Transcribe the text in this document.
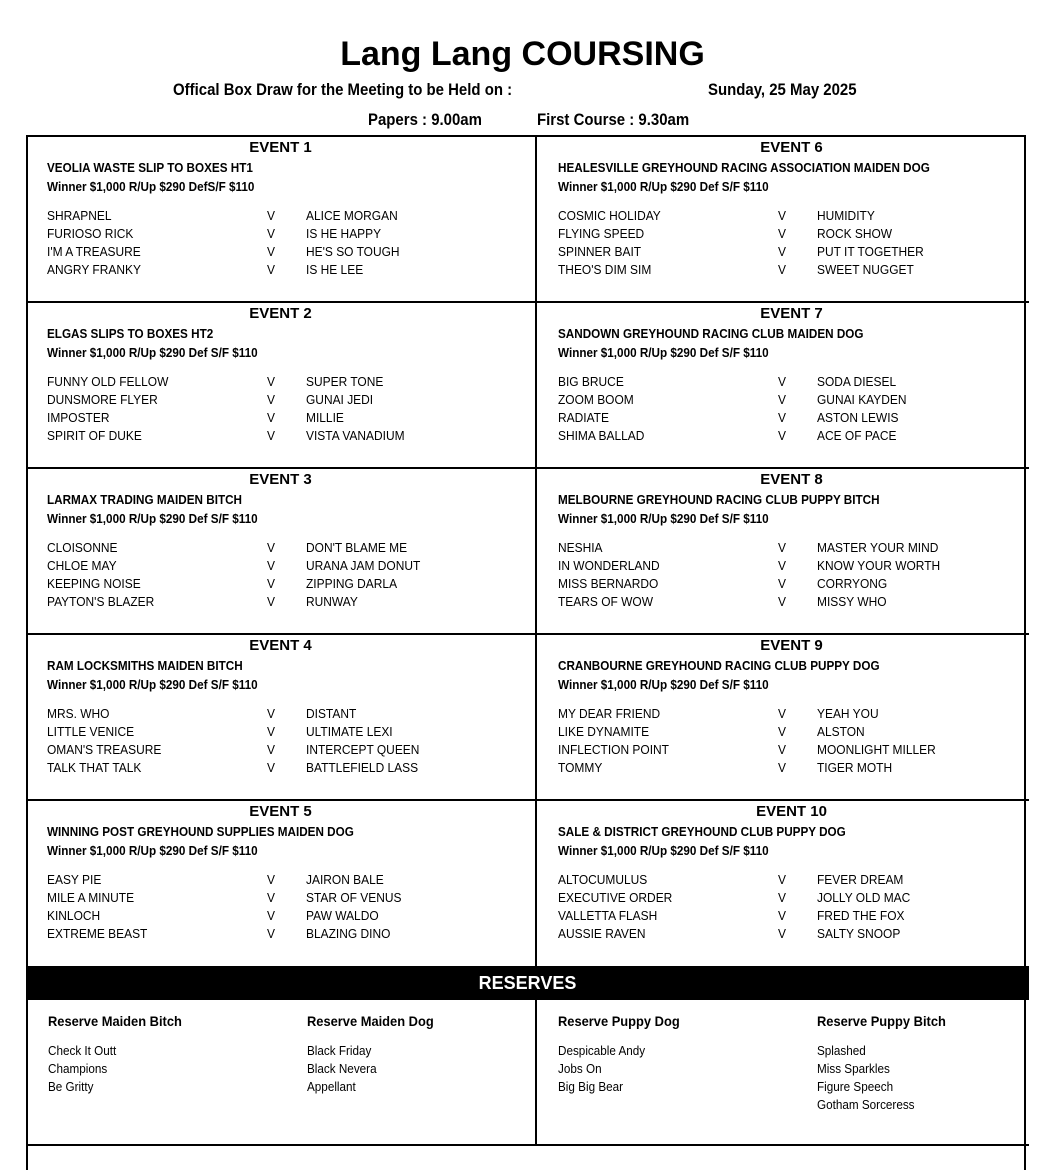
Lang Lang COURSING
Offical Box Draw for the Meeting to be Held on :	Sunday, 25 May 2025
Papers : 9.00am	First Course : 9.30am
EVENT 1
VEOLIA WASTE SLIP TO BOXES HT1
Winner $1,000 R/Up $290 DefS/F $110
SHRAPNEL	V ALICE MORGAN
FURIOSO RICK	V IS HE HAPPY
I'M A TREASURE	V HE'S SO TOUGH
ANGRY FRANKY	V IS HE LEE
EVENT 2
ELGAS SLIPS TO BOXES HT2
Winner $1,000 R/Up $290 Def S/F $110
FUNNY OLD FELLOW	V SUPER TONE
DUNSMORE FLYER	V GUNAI JEDI
IMPOSTER	V MILLIE
SPIRIT OF DUKE	V VISTA VANADIUM
EVENT 3
LARMAX TRADING MAIDEN BITCH
Winner $1,000 R/Up $290 Def S/F $110
CLOISONNE	V DON'T BLAME ME
CHLOE MAY	V URANA JAM DONUT
KEEPING NOISE	V ZIPPING DARLA
PAYTON'S BLAZER	V RUNWAY
EVENT 4
RAM LOCKSMITHS MAIDEN BITCH
Winner $1,000 R/Up $290 Def S/F $110
MRS. WHO	V DISTANT
LITTLE VENICE	V ULTIMATE LEXI
OMAN'S TREASURE	V INTERCEPT QUEEN
TALK THAT TALK	V BATTLEFIELD LASS
EVENT 5
WINNING POST GREYHOUND SUPPLIES MAIDEN DOG
Winner $1,000 R/Up $290 Def S/F $110
EASY PIE	V JAIRON BALE
MILE A MINUTE	V STAR OF VENUS
KINLOCH	V PAW WALDO
EXTREME BEAST	V BLAZING DINO
EVENT 6
HEALESVILLE GREYHOUND RACING ASSOCIATION MAIDEN DOG
Winner $1,000 R/Up $290 Def S/F $110
COSMIC HOLIDAY	V HUMIDITY
FLYING SPEED	V ROCK SHOW
SPINNER BAIT	V PUT IT TOGETHER
THEO'S DIM SIM	V SWEET NUGGET
EVENT 7
SANDOWN GREYHOUND RACING CLUB MAIDEN DOG
Winner $1,000 R/Up $290 Def S/F $110
BIG BRUCE	V SODA DIESEL
ZOOM BOOM	V GUNAI KAYDEN
RADIATE	V ASTON LEWIS
SHIMA BALLAD	V ACE OF PACE
EVENT 8
MELBOURNE GREYHOUND RACING CLUB PUPPY BITCH
Winner $1,000 R/Up $290 Def S/F $110
NESHIA	V MASTER YOUR MIND
IN WONDERLAND	V KNOW YOUR WORTH
MISS BERNARDO	V CORRYONG
TEARS OF WOW	V MISSY WHO
EVENT 9
CRANBOURNE GREYHOUND RACING CLUB PUPPY DOG
Winner $1,000 R/Up $290 Def S/F $110
MY DEAR FRIEND	V YEAH YOU
LIKE DYNAMITE	V ALSTON
INFLECTION POINT	V MOONLIGHT MILLER
TOMMY	V TIGER MOTH
EVENT 10
SALE & DISTRICT GREYHOUND CLUB PUPPY DOG
Winner $1,000 R/Up $290 Def S/F $110
ALTOCUMULUS	V FEVER DREAM
EXECUTIVE ORDER	V JOLLY OLD MAC
VALLETTA FLASH	V FRED THE FOX
AUSSIE RAVEN	V SALTY SNOOP
RESERVES
Reserve Maiden Bitch
Check It Outt
Champions
Be Gritty
Reserve Maiden Dog
Black Friday
Black Nevera
Appellant
Reserve Puppy Dog
Despicable Andy
Jobs On
Big Big Bear
Reserve Puppy Bitch
Splashed
Miss Sparkles
Figure Speech
Gotham Sorceress
